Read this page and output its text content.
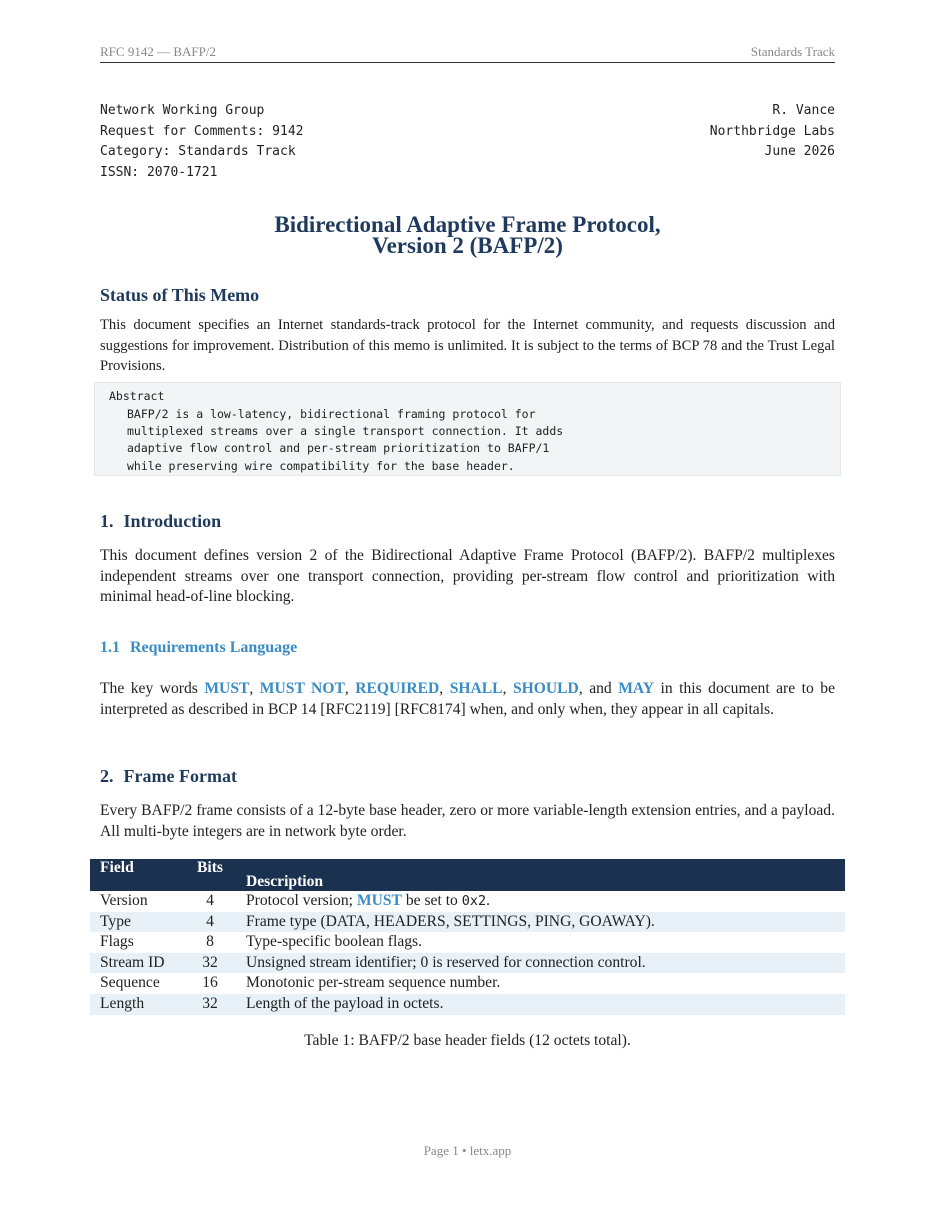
RFC 9142 — BAFP/2	Standards Track
Network Working Group
Request for Comments: 9142
Category: Standards Track
ISSN: 2070-1721
R. Vance
Northbridge Labs
June 2026
Bidirectional Adaptive Frame Protocol,
Version 2 (BAFP/2)
Status of This Memo
This document specifies an Internet standards-track protocol for the Internet community, and requests discussion and suggestions for improvement. Distribution of this memo is unlimited. It is subject to the terms of BCP 78 and the Trust Legal Provisions.
Abstract
BAFP/2 is a low-latency, bidirectional framing protocol for
multiplexed streams over a single transport connection. It adds
adaptive flow control and per-stream prioritization to BAFP/1
while preserving wire compatibility for the base header.
1. Introduction
This document defines version 2 of the Bidirectional Adaptive Frame Protocol (BAFP/2). BAFP/2 multiplexes independent streams over one transport connection, providing per-stream flow control and prioritization with minimal head-of-line blocking.
1.1 Requirements Language
The key words MUST, MUST NOT, REQUIRED, SHALL, SHOULD, and MAY in this document are to be interpreted as described in BCP 14 [RFC2119] [RFC8174] when, and only when, they appear in all capitals.
2. Frame Format
Every BAFP/2 frame consists of a 12-byte base header, zero or more variable-length extension entries, and a payload. All multi-byte integers are in network byte order.
Field	Bits	Description
Version	4	Protocol version; MUST be set to 0x2.
Type	4	Frame type (DATA, HEADERS, SETTINGS, PING, GOAWAY).
Flags	8	Type-specific boolean flags.
Stream ID	32	Unsigned stream identifier; 0 is reserved for connection control.
Sequence	16	Monotonic per-stream sequence number.
Length	32	Length of the payload in octets.
Table 1: BAFP/2 base header fields (12 octets total).
Page 1 • letx.app
